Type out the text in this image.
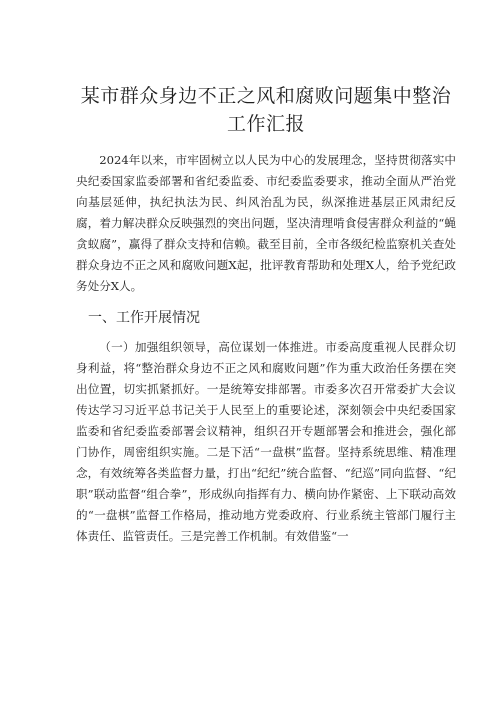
某市群众身边不正之风和腐败问题集中整治工作汇报

2024年以来，市牢固树立以人民为中心的发展理念，坚持贯彻落实中央纪委国家监委部署和省纪委监委、市纪委监委要求，推动全面从严治党向基层延伸，执纪执法为民、纠风治乱为民，纵深推进基层正风肃纪反腐，着力解决群众反映强烈的突出问题，坚决清理啃食侵害群众利益的“蝇贪蚁腐”，赢得了群众支持和信赖。截至目前，全市各级纪检监察机关查处群众身边不正之风和腐败问题X起，批评教育帮助和处理X人，给予党纪政务处分X人。

一、工作开展情况

（一）加强组织领导，高位谋划一体推进。市委高度重视人民群众切身利益，将“整治群众身边不正之风和腐败问题”作为重大政治任务摆在突出位置，切实抓紧抓好。一是统筹安排部署。市委多次召开常委扩大会议传达学习习近平总书记关于人民至上的重要论述，深刻领会中央纪委国家监委和省纪委监委部署会议精神，组织召开专题部署会和推进会，强化部门协作，周密组织实施。二是下活“一盘棋”监督。坚持系统思维、精准理念，有效统筹各类监督力量，打出“纪纪”统合监督、“纪巡”同向监督、“纪职”联动监督“组合拳”，形成纵向指挥有力、横向协作紧密、上下联动高效的“一盘棋”监督工作格局，推动地方党委政府、行业系统主管部门履行主体责任、监管责任。三是完善工作机制。有效借鉴“一
